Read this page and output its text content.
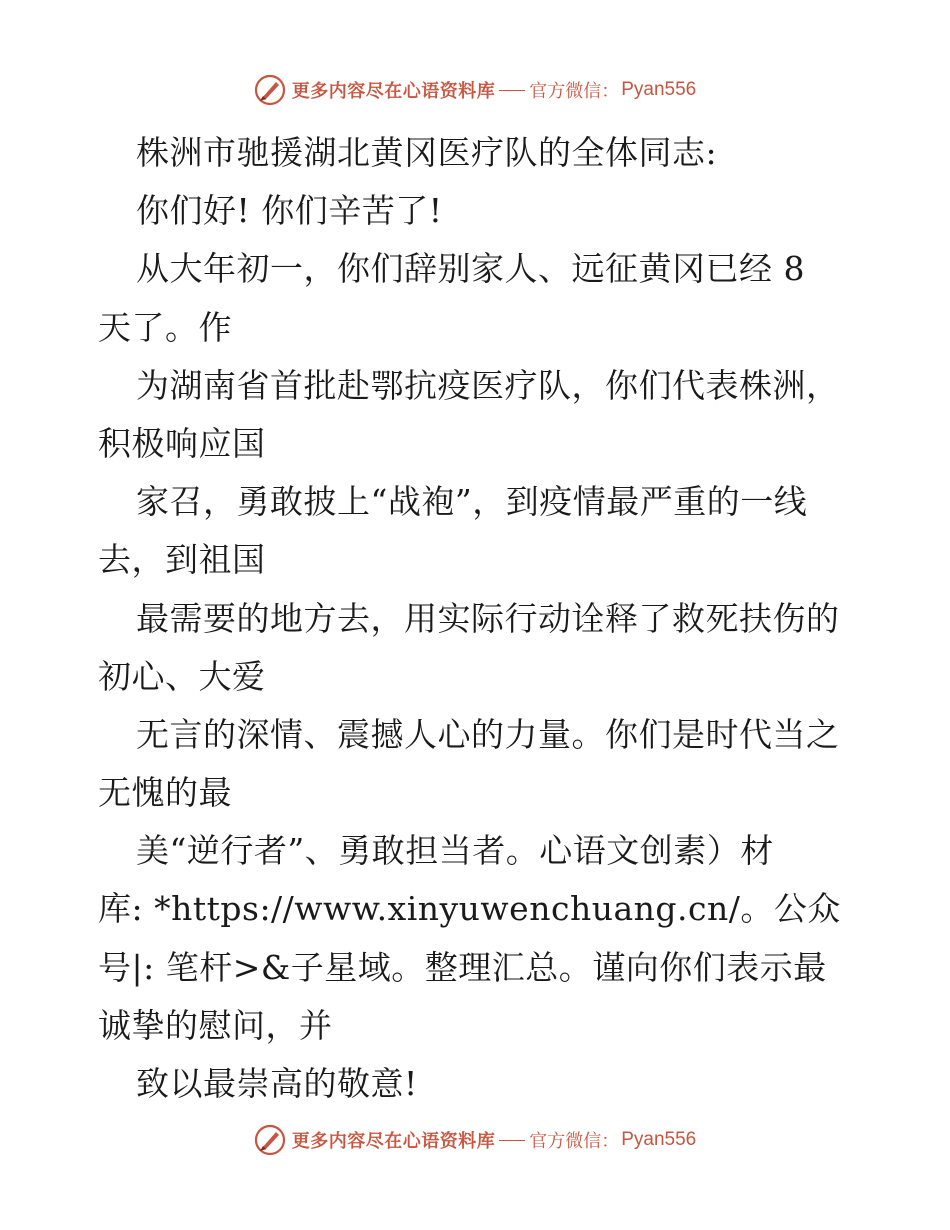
更多内容尽在心语资料库 官方微信： Pyan556
株洲市驰援湖北黄冈医疗队的全体同志:
你们好! 你们辛苦了!
从大年初一，你们辞别家人、远征黄冈已经 8
天了。作
为湖南省首批赴鄂抗疫医疗队，你们代表株洲，
积极响应国
家召，勇敢披上“战袍”，到疫情最严重的一线
去，到祖国
最需要的地方去，用实际行动诠释了救死扶伤的
初心、大爱
无言的深情、震撼人心的力量。你们是时代当之
无愧的最
美“逆行者”、勇敢担当者。心语文创素）材
库: *https://www.xinyuwenchuang.cn/。公众
号|: 笔杆>&子星域。整理汇总。谨向你们表示最
诚挚的慰问，并
致以最崇高的敬意!
更多内容尽在心语资料库 官方微信： Pyan556
